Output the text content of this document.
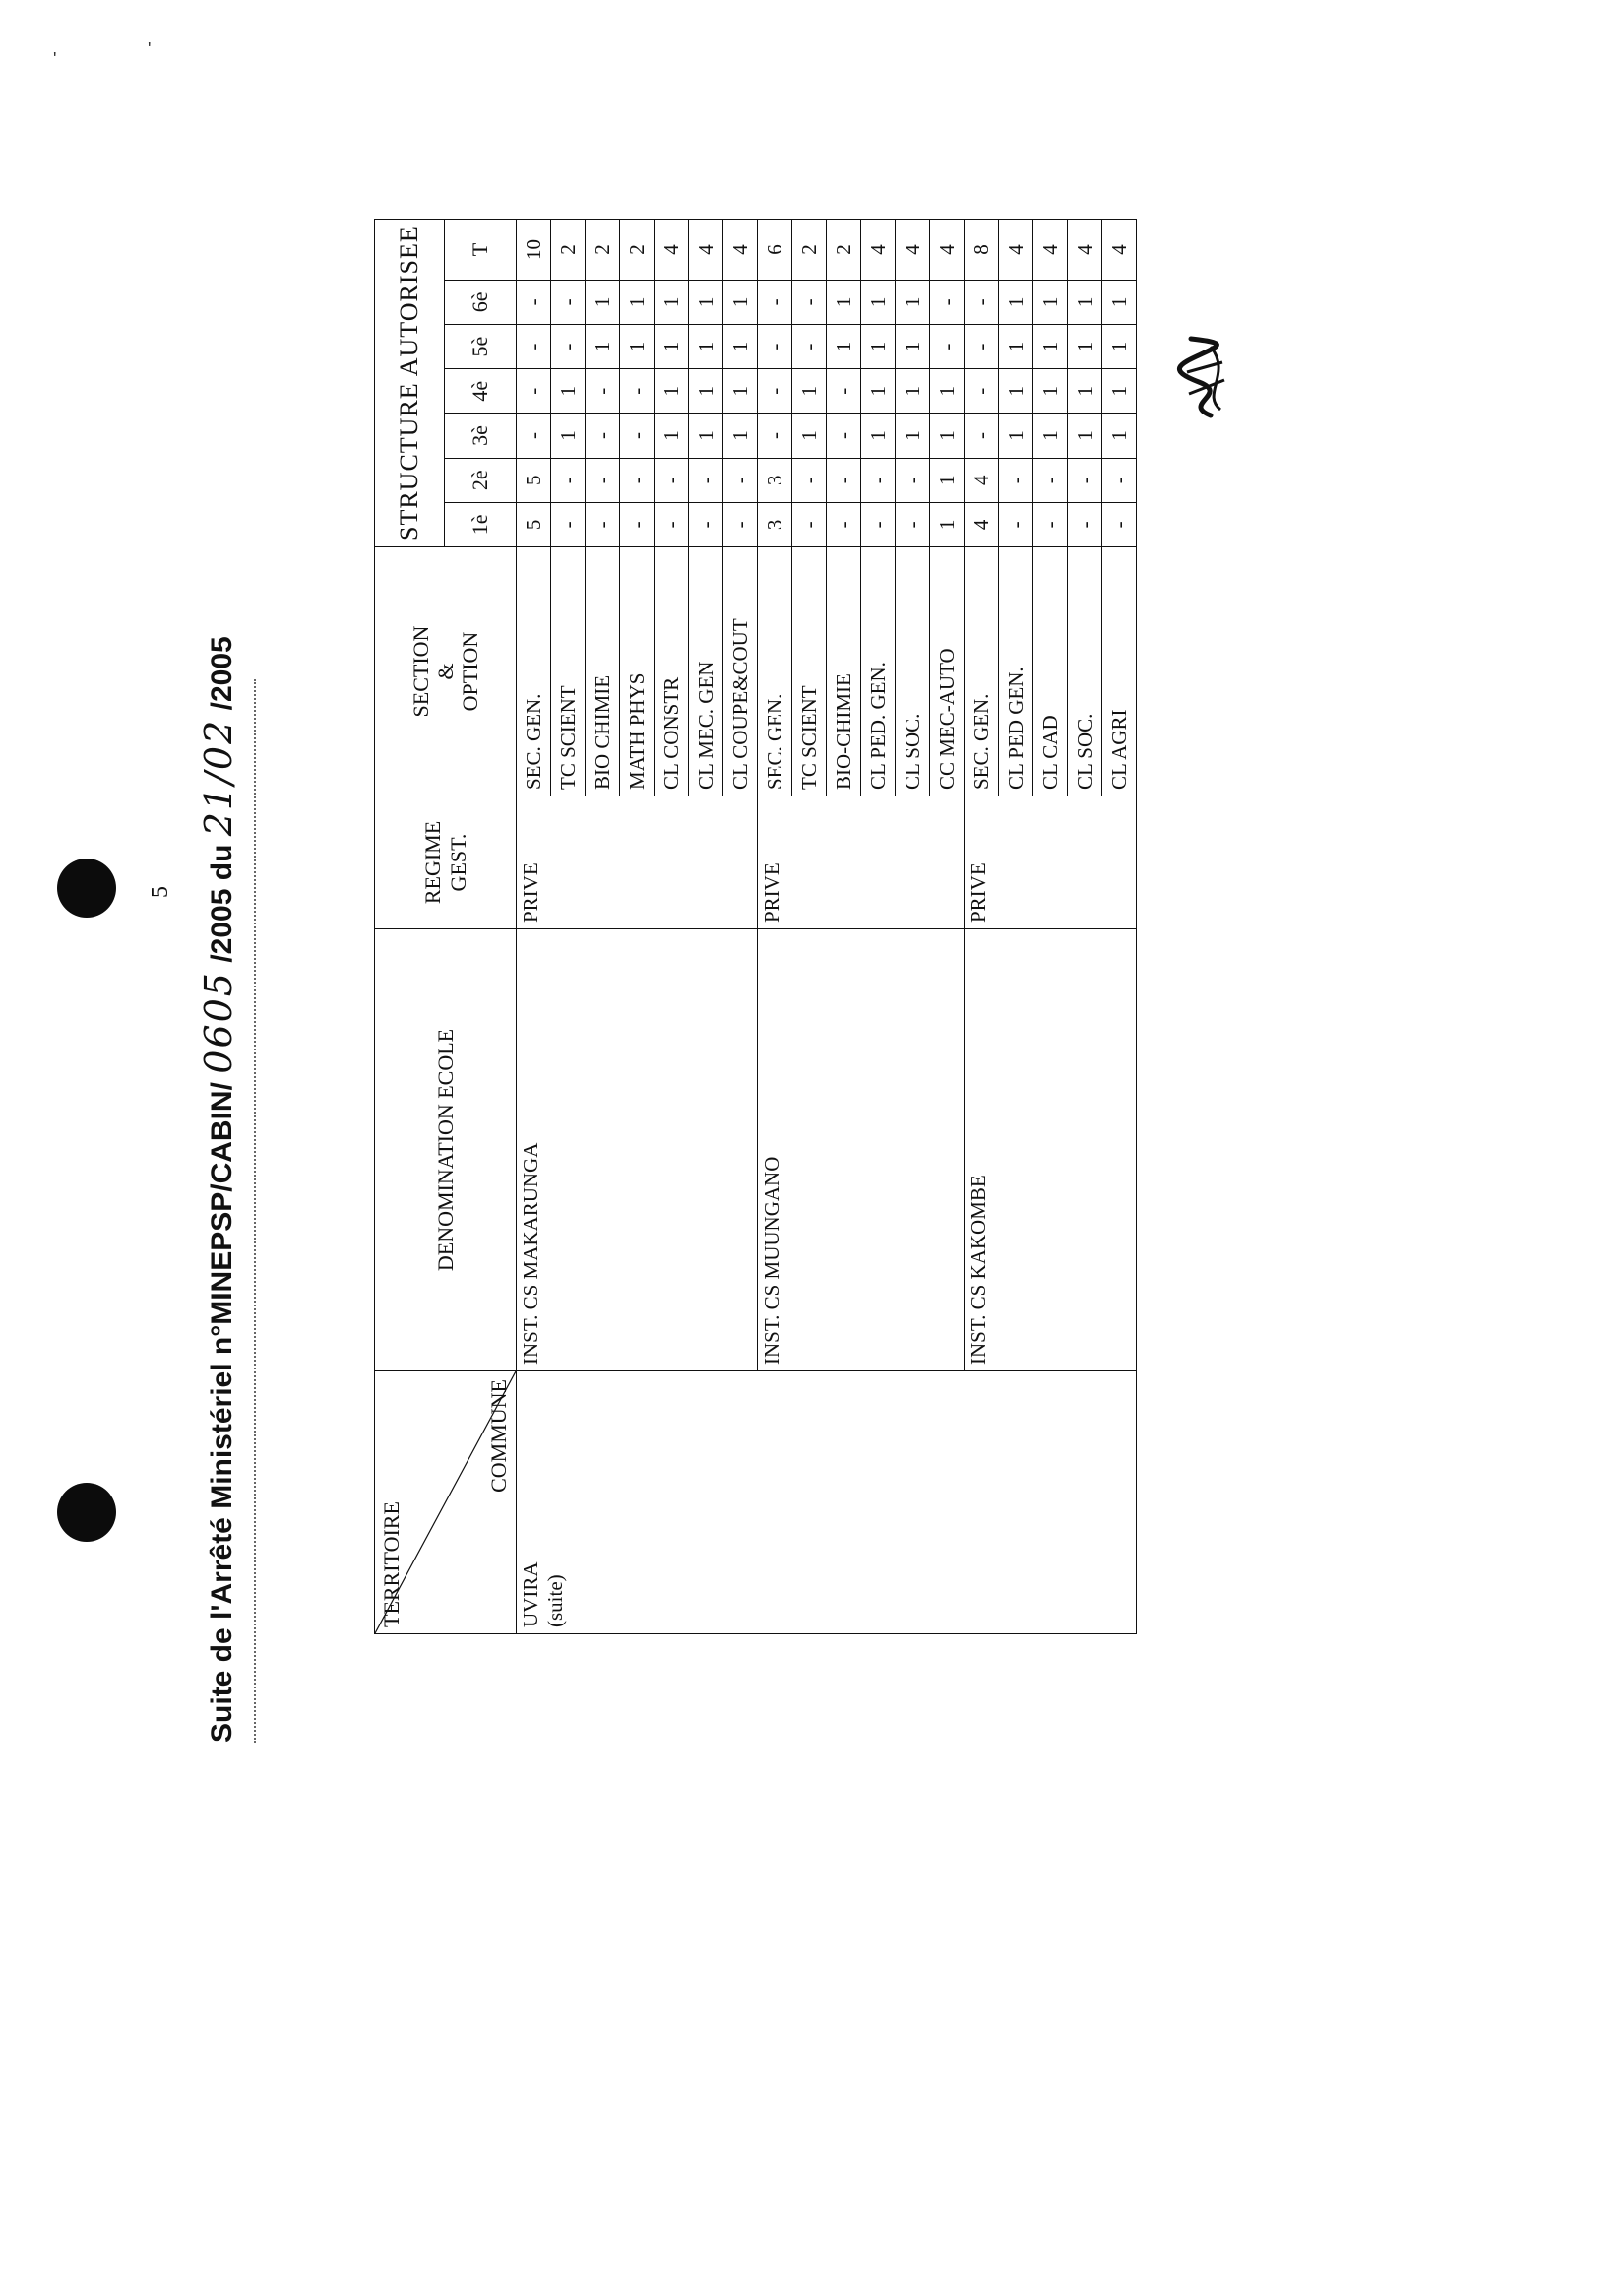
'	'
5
Suite de l'Arrêté Ministériel n°MINEPSP/CABIN/ 0605 /2005 du 21/02 /2005
TERRITOIRE
COMMUNE	DENOMINATION ECOLE	REGIME
GEST.	SECTION
&
OPTION	STRUCTURE AUTORISEE						
				1è	2è	3è	4è	5è	6è	T
UVIRA
(suite)	INST. CS MAKARUNGA	PRIVE	SEC. GEN.	5	5	-	-	-	-	10
			TC SCIENT	-	-	1	1	-	-	2
			BIO CHIMIE	-	-	-	-	1	1	2
			MATH PHYS	-	-	-	-	1	1	2
			CL CONSTR	-	-	1	1	1	1	4
			CL MEC. GEN	-	-	1	1	1	1	4
			CL COUPE&COUT	-	-	1	1	1	1	4
	INST. CS MUUNGANO	PRIVE	SEC. GEN.	3	3	-	-	-	-	6
			TC SCIENT	-	-	1	1	-	-	2
			BIO-CHIMIE	-	-	-	-	1	1	2
			CL PED. GEN.	-	-	1	1	1	1	4
			CL SOC.	-	-	1	1	1	1	4
			CC MEC-AUTO	1	1	1	1	-	-	4
	INST. CS KAKOMBE	PRIVE	SEC. GEN.	4	4	-	-	-	-	8
			CL PED GEN.	-	-	1	1	1	1	4
			CL CAD	-	-	1	1	1	1	4
			CL SOC.	-	-	1	1	1	1	4
			CL AGRI	-	-	1	1	1	1	4
